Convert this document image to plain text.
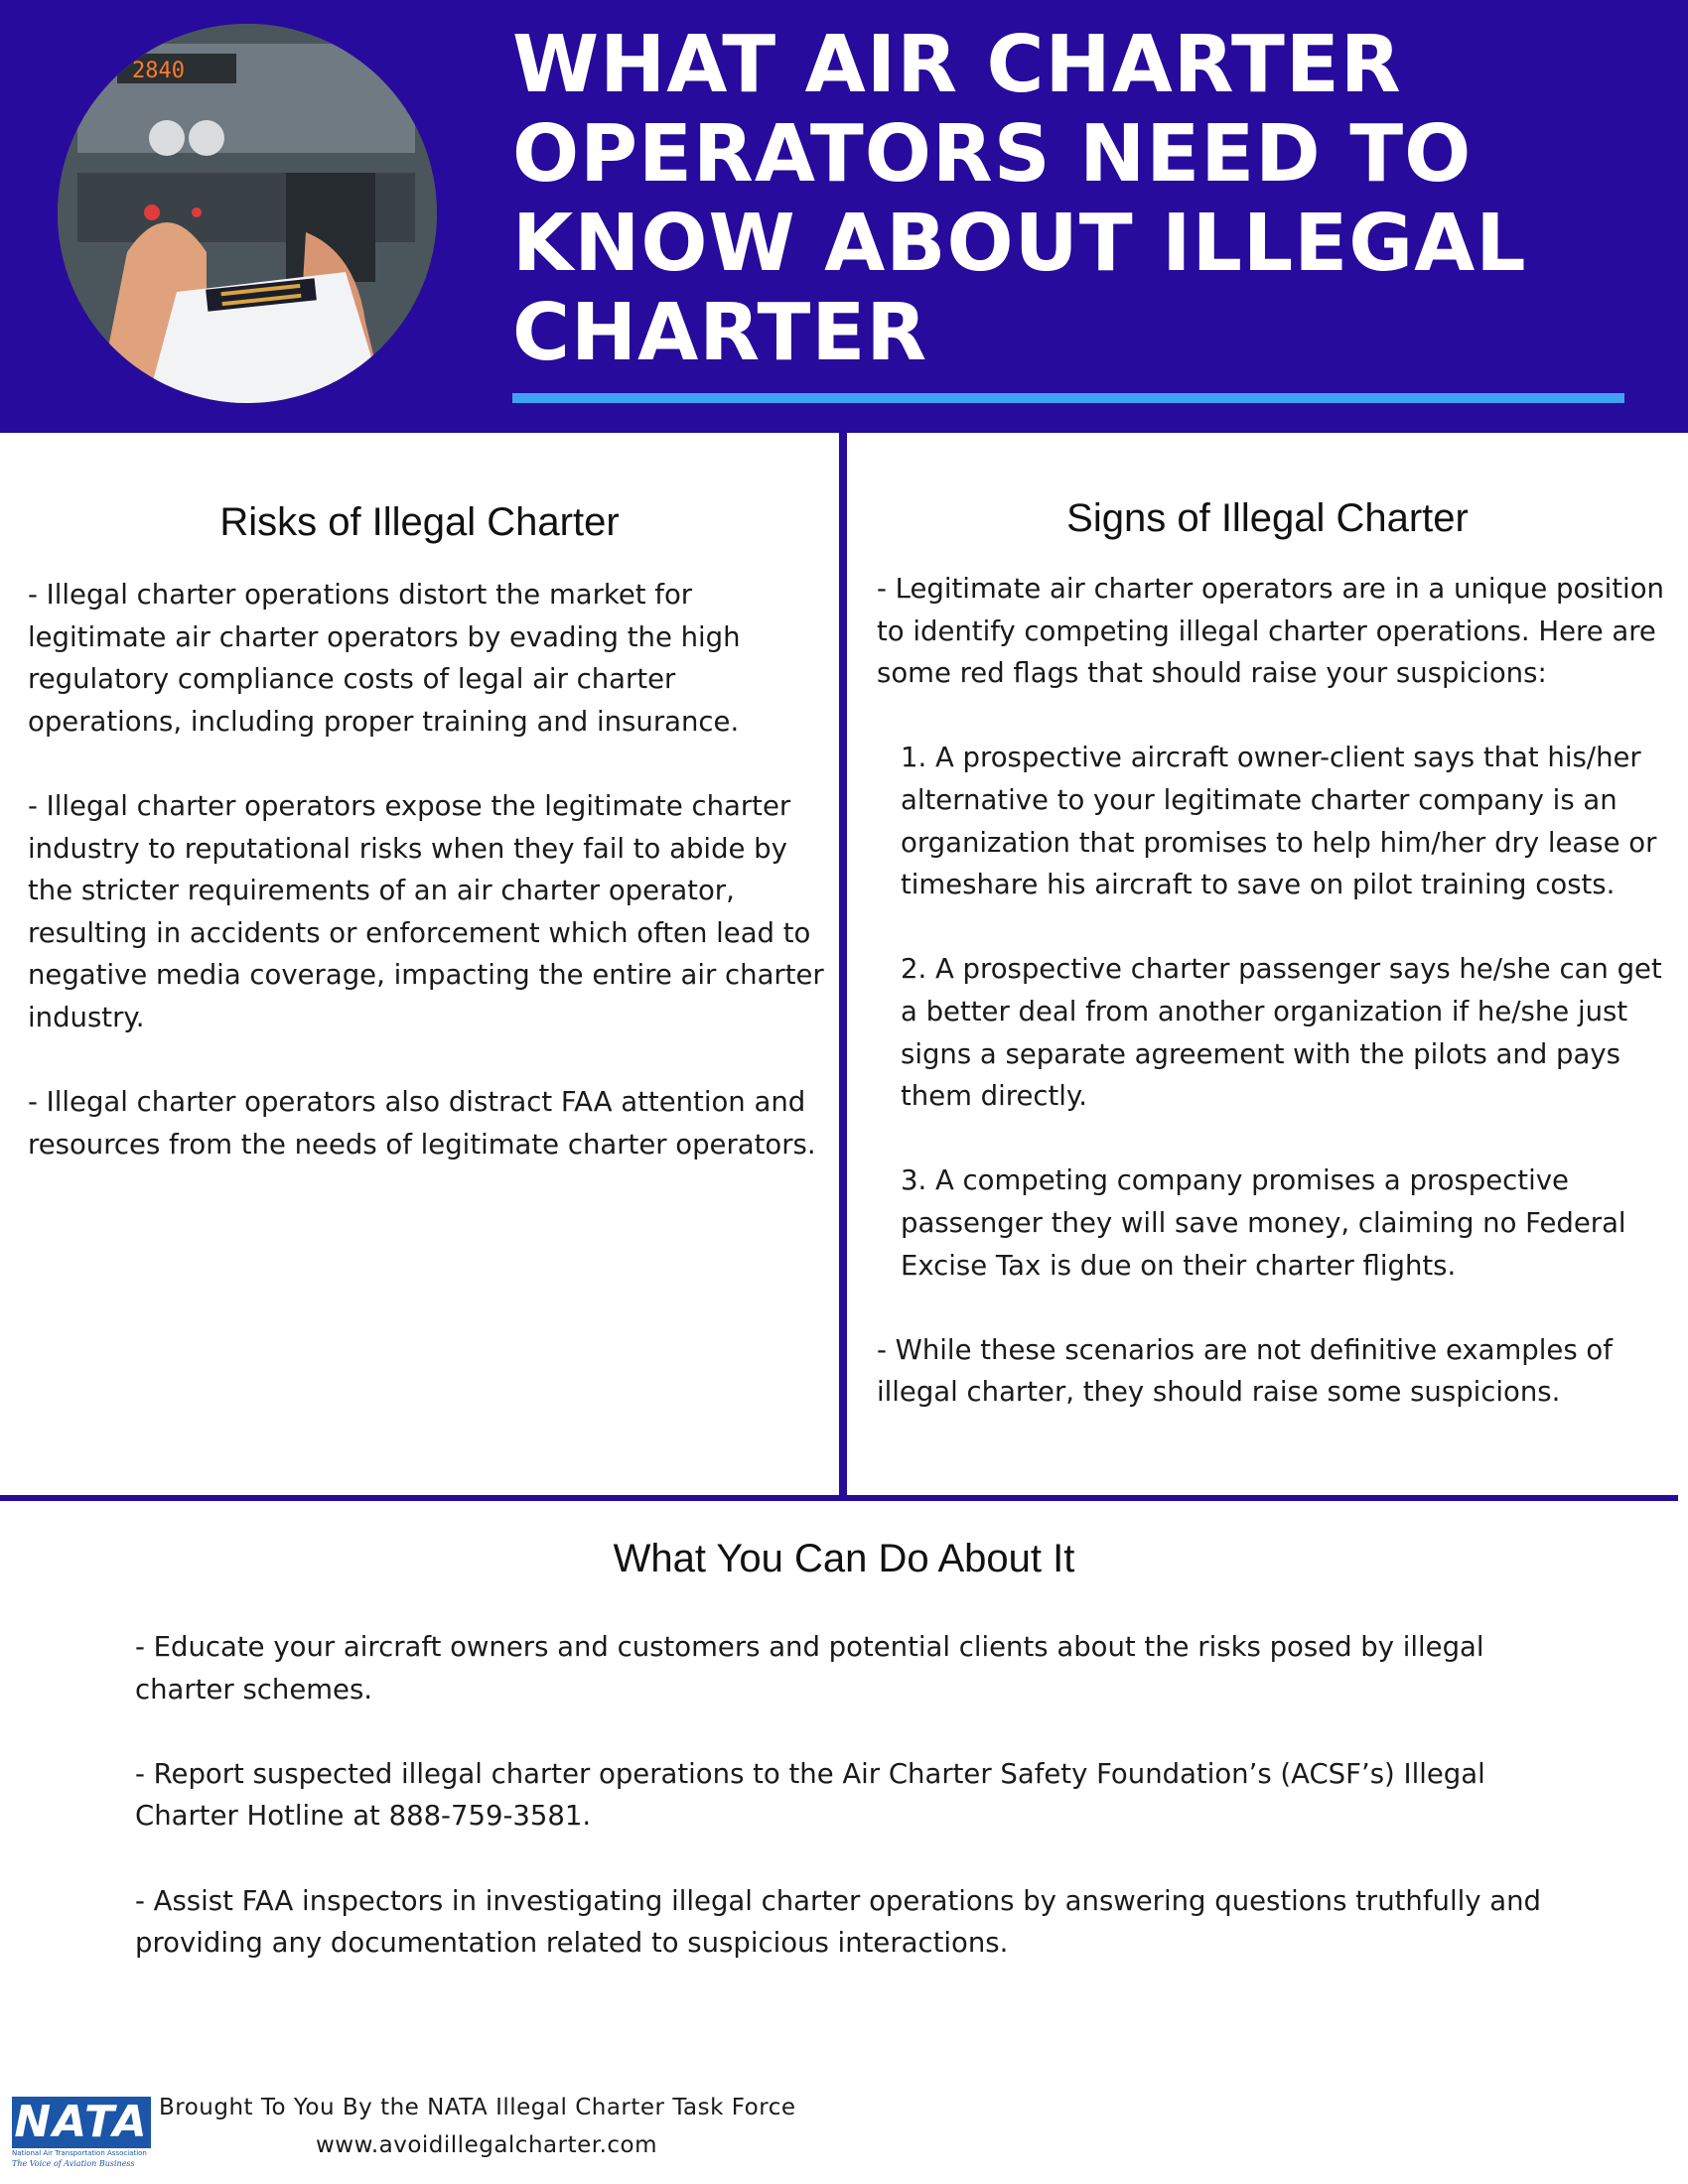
2840	WHAT AIR CHARTER OPERATORS NEED TO KNOW ABOUT ILLEGAL CHARTER
Risks of Illegal Charter

- Illegal charter operations distort the market for legitimate air charter operators by evading the high regulatory compliance costs of legal air charter operations, including proper training and insurance.

- Illegal charter operators expose the legitimate charter industry to reputational risks when they fail to abide by the stricter requirements of an air charter operator, resulting in accidents or enforcement which often lead to negative media coverage, impacting the entire air charter industry.

- Illegal charter operators also distract FAA attention and resources from the needs of legitimate charter operators.

Signs of Illegal Charter

- Legitimate air charter operators are in a unique position to identify competing illegal charter operations. Here are some red flags that should raise your suspicions:

1. A prospective aircraft owner-client says that his/her alternative to your legitimate charter company is an organization that promises to help him/her dry lease or timeshare his aircraft to save on pilot training costs.

2. A prospective charter passenger says he/she can get a better deal from another organization if he/she just signs a separate agreement with the pilots and pays them directly.

3. A competing company promises a prospective passenger they will save money, claiming no Federal Excise Tax is due on their charter flights.

- While these scenarios are not definitive examples of illegal charter, they should raise some suspicions.

What You Can Do About It

- Educate your aircraft owners and customers and potential clients about the risks posed by illegal charter schemes.

- Report suspected illegal charter operations to the Air Charter Safety Foundation’s (ACSF’s) Illegal Charter Hotline at 888-759-3581.

- Assist FAA inspectors in investigating illegal charter operations by answering questions truthfully and providing any documentation related to suspicious interactions.

NATA
National Air Transportation Association
The Voice of Aviation Business
Brought To You By the NATA Illegal Charter Task Force
www.avoidillegalcharter.com
